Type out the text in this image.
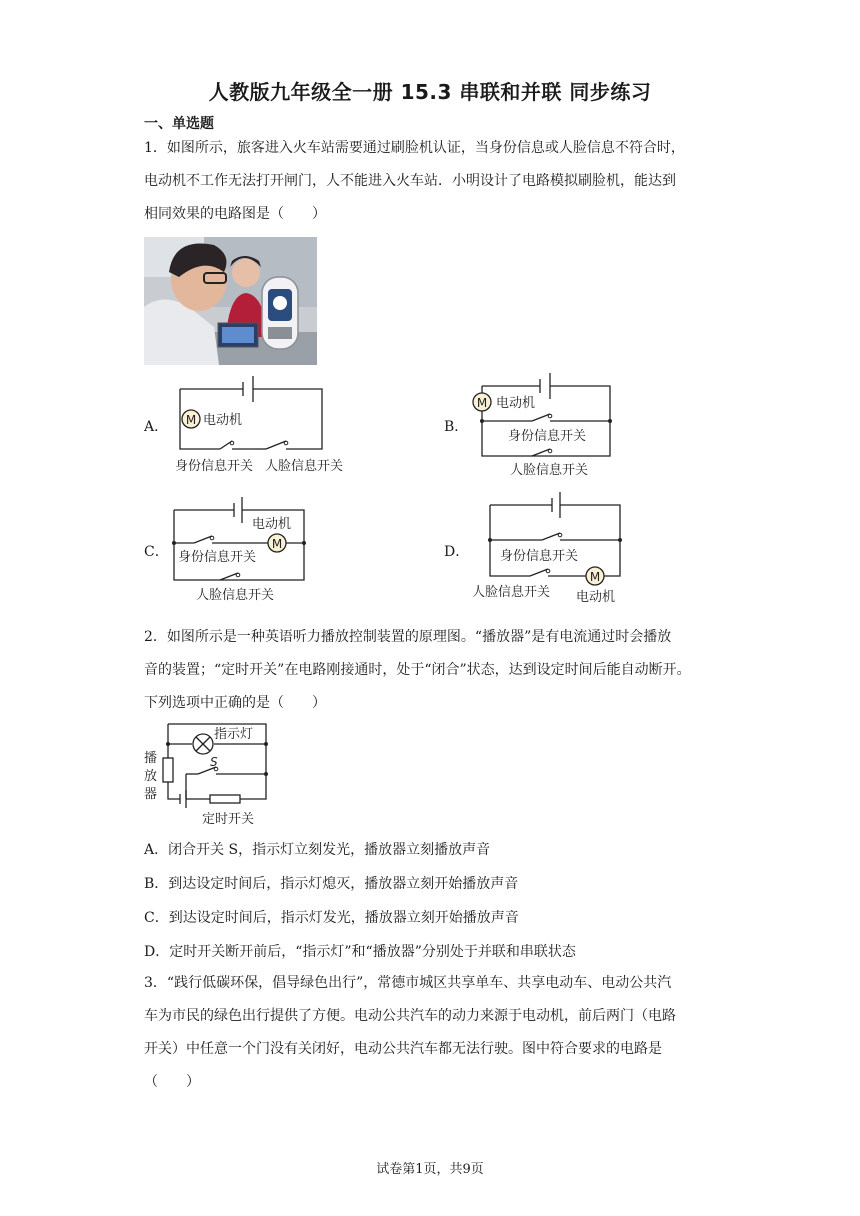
人教版九年级全一册 15.3 串联和并联 同步练习
一、单选题
1．如图所示，旅客进入火车站需要通过刷脸机认证，当身份信息或人脸信息不符合时，
电动机不工作无法打开闸门，人不能进入火车站．小明设计了电路模拟刷脸机，能达到
相同效果的电路图是（　　）
A． M 电动机
身份信息开关 人脸信息开关
B．
M 电动机
身份信息开关
人脸信息开关
C．	M
电动机
身份信息开关
人脸信息开关
D．
M
身份信息开关
人脸信息开关 电动机
2．如图所示是一种英语听力播放控制装置的原理图。“播放器”是有电流通过时会播放
音的装置；“定时开关”在电路刚接通时，处于“闭合”状态，达到设定时间后能自动断开。
下列选项中正确的是（　　）
指示灯
S
播
放
器
定时开关
A．闭合开关 S，指示灯立刻发光，播放器立刻播放声音
B．到达设定时间后，指示灯熄灭，播放器立刻开始播放声音
C．到达设定时间后，指示灯发光，播放器立刻开始播放声音
D．定时开关断开前后，“指示灯”和“播放器”分别处于并联和串联状态
3．“践行低碳环保，倡导绿色出行”，常德市城区共享单车、共享电动车、电动公共汽
车为市民的绿色出行提供了方便。电动公共汽车的动力来源于电动机，前后两门（电路
开关）中任意一个门没有关闭好，电动公共汽车都无法行驶。图中符合要求的电路是
（　　）
试卷第1页，共9页
